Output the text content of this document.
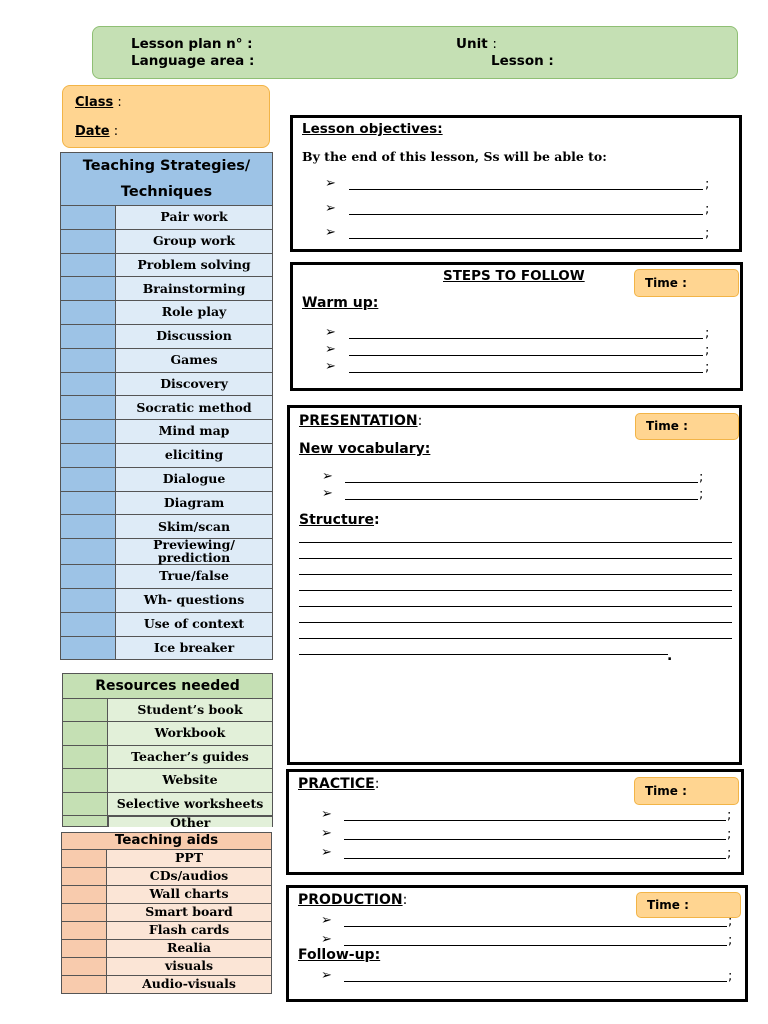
Lesson plan n° :	Unit :
Language area :	Lesson :
Class :
Date :
Teaching Strategies/
Techniques	
	Pair work
	Group work
	Problem solving
	Brainstorming
	Role play
	Discussion
	Games
	Discovery
	Socratic method
	Mind map
	eliciting
	Dialogue
	Diagram
	Skim/scan
	Previewing/ prediction
	True/false
	Wh- questions
	Use of context
	Ice breaker
Resources needed	
	Student’s book
	Workbook
	Teacher’s guides
	Website
	Selective worksheets

Other
Teaching aids	
	PPT
	CDs/audios
	Wall charts
	Smart board
	Flash cards
	Realia
	visuals
	Audio-visuals
Lesson objectives:
By the end of this lesson, Ss will be able to:
➢	;
➢	;
➢	;
STEPS TO FOLLOW	Time :
Warm up:
➢	;
➢	;
➢	;
PRESENTATION:	Time :
New vocabulary:
➢	;
➢	;
Structure:
.
PRACTICE:	Time :
➢	;
➢	;
➢	;
PRODUCTION:	Time :
➢	;
➢	;
Follow-up:
➢	;
